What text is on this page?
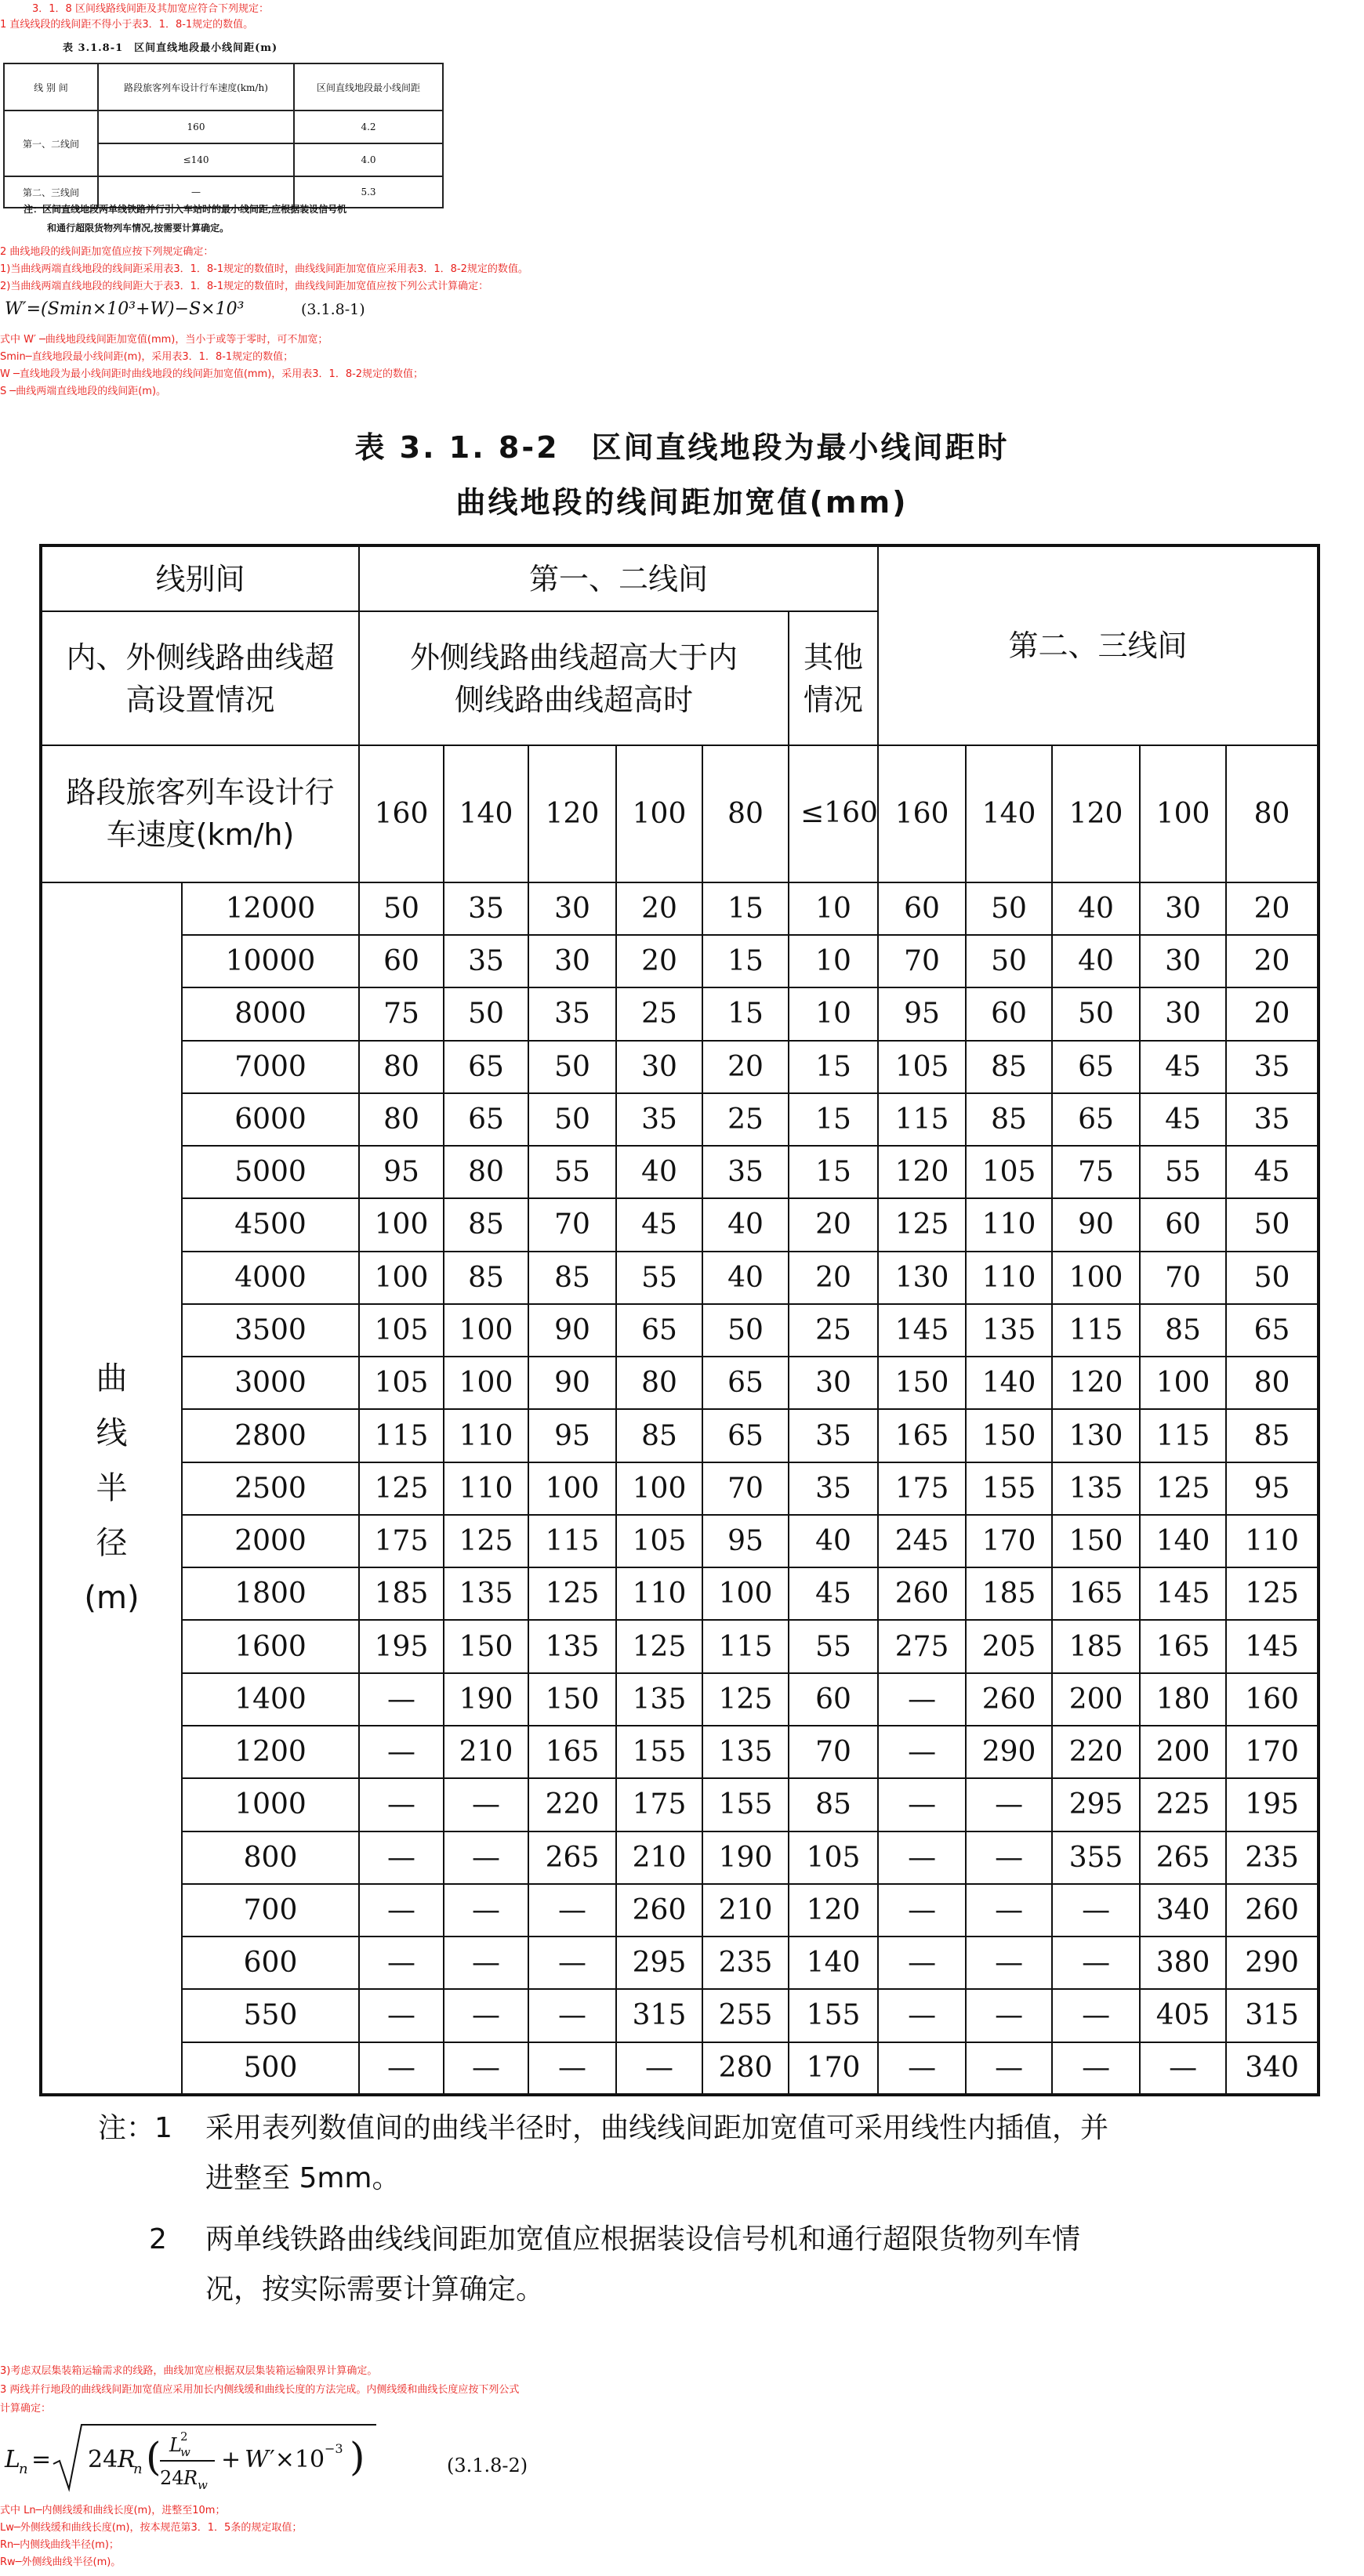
　3．1．8 区间线路线间距及其加宽应符合下列规定：
1 直线线段的线间距不得小于表3．1．8-1规定的数值。
表 3.1.8-1　区间直线地段最小线间距(m)
线 别 间	路段旅客列车设计行车速度(km/h)	区间直线地段最小线间距
第一、二线间	160	4.2
	≤140	4.0
第二、三线间	—	5.3
注：区间直线地段两单线铁路并行引入车站时的最小线间距,应根据装设信号机
和通行超限货物列车情况,按需要计算确定。
2 曲线地段的线间距加宽值应按下列规定确定：
1)当曲线两端直线地段的线间距采用表3．1．8-1规定的数值时，曲线线间距加宽值应采用表3．1．8-2规定的数值。
2)当曲线两端直线地段的线间距大于表3．1．8-1规定的数值时，曲线线间距加宽值应按下列公式计算确定：
W′=(Smin×10³+W)−S×10³	(3.1.8-1)
式中 W′ ─曲线地段线间距加宽值(mm)，当小于或等于零时，可不加宽；
Smin─直线地段最小线间距(m)，采用表3．1．8-1规定的数值；
W ─直线地段为最小线间距时曲线地段的线间距加宽值(mm)，采用表3．1．8-2规定的数值；
S ─曲线两端直线地段的线间距(m)。
表 3. 1. 8-2　区间直线地段为最小线间距时
曲线地段的线间距加宽值(mm)
线别间		第一、二线间						第二、三线间				
内、外侧线路曲线超高设置情况		外侧线路曲线超高大于内侧线路曲线超高时					其他情况					
路段旅客列车设计行车速度(km/h)		160	140	120	100	80	≤160	160	140	120	100	80

曲
线
半
径
(m)	12000	50	35	30	20	15	10	60	50	40	30	20
	10000	60	35	30	20	15	10	70	50	40	30	20
	8000	75	50	35	25	15	10	95	60	50	30	20
	7000	80	65	50	30	20	15	105	85	65	45	35
	6000	80	65	50	35	25	15	115	85	65	45	35
	5000	95	80	55	40	35	15	120	105	75	55	45
	4500	100	85	70	45	40	20	125	110	90	60	50
	4000	100	85	85	55	40	20	130	110	100	70	50
	3500	105	100	90	65	50	25	145	135	115	85	65
	3000	105	100	90	80	65	30	150	140	120	100	80
	2800	115	110	95	85	65	35	165	150	130	115	85
	2500	125	110	100	100	70	35	175	155	135	125	95
	2000	175	125	115	105	95	40	245	170	150	140	110
	1800	185	135	125	110	100	45	260	185	165	145	125
	1600	195	150	135	125	115	55	275	205	185	165	145
	1400	—	190	150	135	125	60	—	260	200	180	160
	1200	—	210	165	155	135	70	—	290	220	200	170
	1000	—	—	220	175	155	85	—	—	295	225	195
	800	—	—	265	210	190	105	—	—	355	265	235
	700	—	—	—	260	210	120	—	—	—	340	260
	600	—	—	—	295	235	140	—	—	—	380	290
	550	—	—	—	315	255	155	—	—	—	405	315
	500	—	—	—	—	280	170	—	—	—	—	340
注：1 采用表列数值间的曲线半径时，曲线线间距加宽值可采用线性内插值，并
进整至 5mm。
2 两单线铁路曲线线间距加宽值应根据装设信号机和通行超限货物列车情
况，按实际需要计算确定。
3)考虑双层集装箱运输需求的线路，曲线加宽应根据双层集装箱运输限界计算确定。
3 两线并行地段的曲线线间距加宽值应采用加长内侧线缓和曲线长度的方法完成。内侧线缓和曲线长度应按下列公式
计算确定：
L
n = 24 R
n ( L
2
w
24 R w
+ W ′×10 −3 )	(3.1.8-2)
式中 Ln─内侧线缓和曲线长度(m)，进整至10m；
Lw─外侧线缓和曲线长度(m)，按本规范第3．1．5条的规定取值；
Rn─内侧线曲线半径(m)；
Rw─外侧线曲线半径(m)。
